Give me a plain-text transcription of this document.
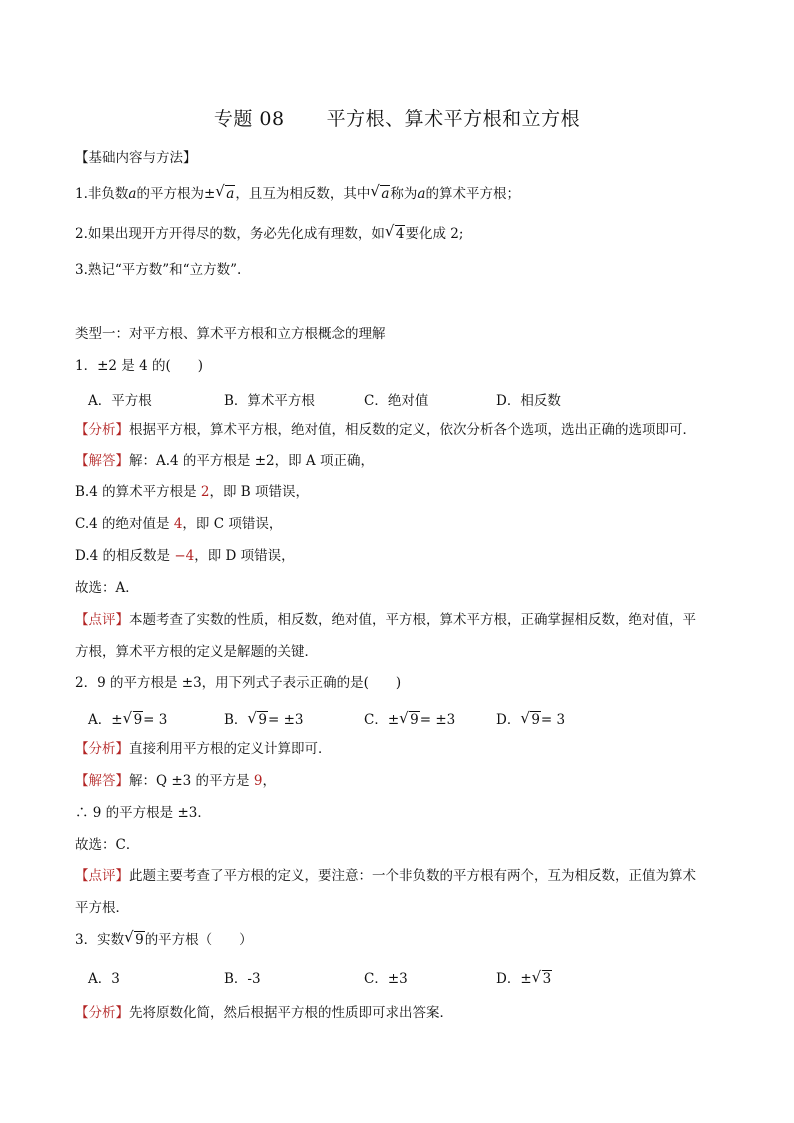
专题 08 平方根、算术平方根和立方根
【基础内容与方法】
1.非负数a的平方根为± √ a，且互为相反数，其中 √ a称为a的算术平方根；
2.如果出现开方开得尽的数，务必先化成有理数，如 √ 4要化成 2;
3.熟记“平方数”和“立方数”.
类型一：对平方根、算术平方根和立方根概念的理解
1．±2 是 4 的(　　)
A．平方根	B．算术平方根	C．绝对值	D．相反数
【分析】根据平方根，算术平方根，绝对值，相反数的定义，依次分析各个选项，选出正确的选项即可．
【解答】解：A.4 的平方根是 ±2，即 A 项正确，
B.4 的算术平方根是 2，即 B 项错误，
C.4 的绝对值是 4，即 C 项错误，
D.4 的相反数是 −4，即 D 项错误，
故选：A．
【点评】本题考查了实数的性质，相反数，绝对值，平方根，算术平方根，正确掌握相反数，绝对值，平
方根，算术平方根的定义是解题的关键．
2．9 的平方根是 ±3，用下列式子表示正确的是(　　)
A．± √ 9= 3	B． √ 9= ±3	C．± √ 9= ±3	D． √ 9= 3
【分析】直接利用平方根的定义计算即可．
【解答】解：Q ±3 的平方是 9，
∴ 9 的平方根是 ±3．
故选：C．
【点评】此题主要考查了平方根的定义，要注意：一个非负数的平方根有两个，互为相反数，正值为算术
平方根．
3．实数 √ 9的平方根（　　）
A．3	B．-3	C．±3	D．± √ 3
【分析】先将原数化简，然后根据平方根的性质即可求出答案．
